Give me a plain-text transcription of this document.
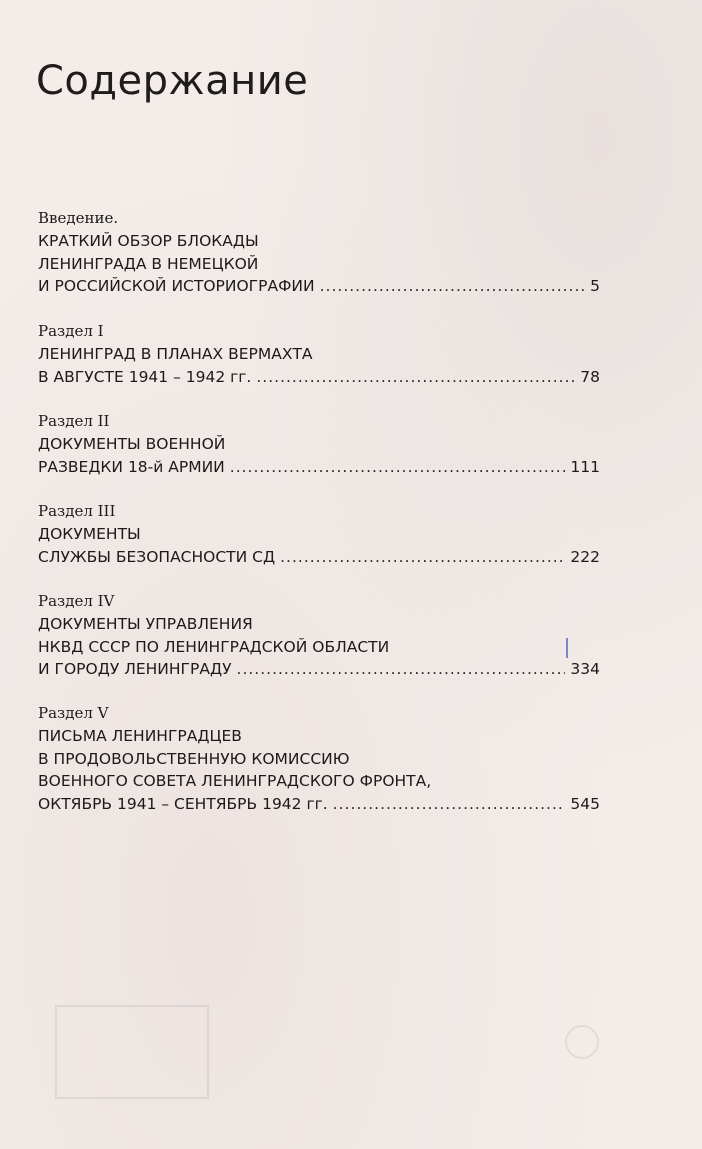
Содержание
Введение.
КРАТКИЙ ОБЗОР БЛОКАДЫ
ЛЕНИНГРАДА В НЕМЕЦКОЙ
И РОССИЙСКОЙ ИСТОРИОГРАФИИ .....	5
Раздел I
ЛЕНИНГРАД В ПЛАНАХ ВЕРМАХТА
В АВГУСТЕ 1941 – 1942 гг. .....	78
Раздел II
ДОКУМЕНТЫ ВОЕННОЙ
РАЗВЕДКИ 18-й АРМИИ .....	111
Раздел III
ДОКУМЕНТЫ
СЛУЖБЫ БЕЗОПАСНОСТИ СД .....	222
Раздел IV
ДОКУМЕНТЫ УПРАВЛЕНИЯ
НКВД СССР ПО ЛЕНИНГРАДСКОЙ ОБЛАСТИ
И ГОРОДУ ЛЕНИНГРАДУ .....	334
Раздел V
ПИСЬМА ЛЕНИНГРАДЦЕВ
В ПРОДОВОЛЬСТВЕННУЮ КОМИССИЮ
ВОЕННОГО СОВЕТА ЛЕНИНГРАДСКОГО ФРОНТА,
ОКТЯБРЬ 1941 – СЕНТЯБРЬ 1942 гг. .....	545
